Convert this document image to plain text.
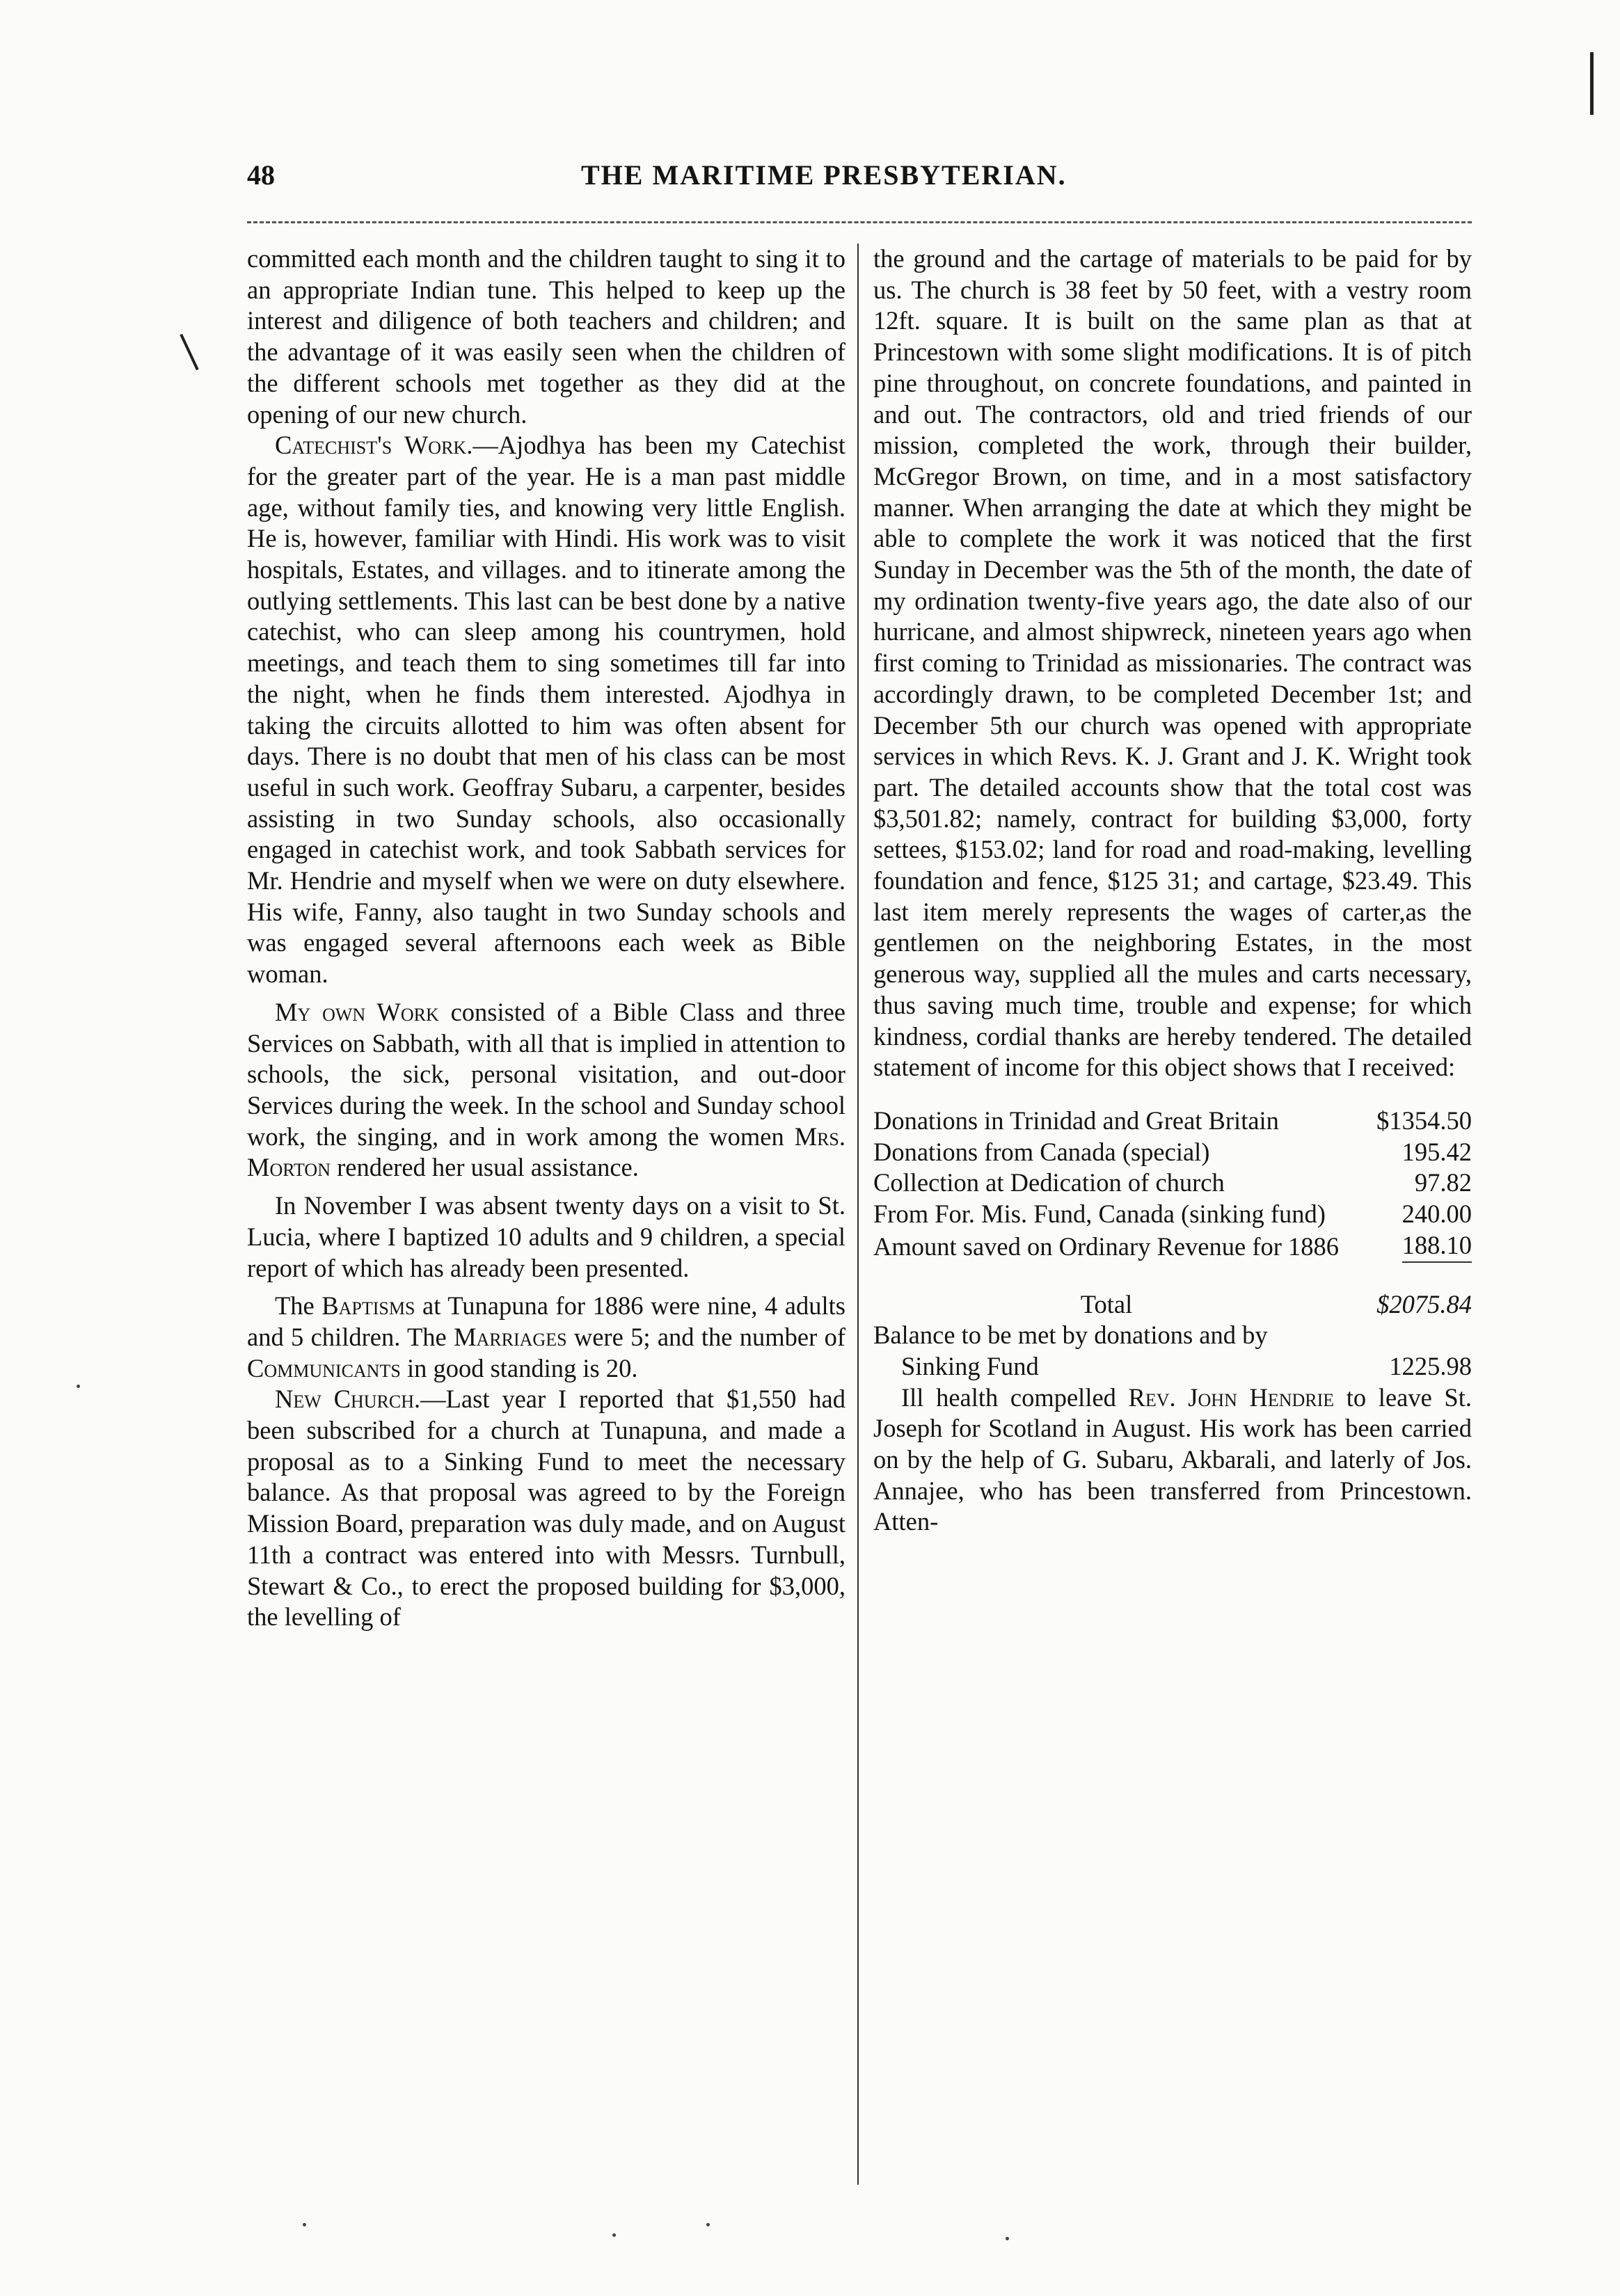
48	THE MARITIME PRESBYTERIAN.

committed each month and the children taught to sing it to an appropriate Indian tune. This helped to keep up the interest and diligence of both teachers and children; and the advantage of it was easily seen when the children of the different schools met together as they did at the opening of our new church.

Catechist's Work.—Ajodhya has been my Catechist for the greater part of the year. He is a man past middle age, without family ties, and knowing very little English. He is, however, familiar with Hindi. His work was to visit hospitals, Estates, and villages. and to itinerate among the outlying settlements. This last can be best done by a native catechist, who can sleep among his countrymen, hold meetings, and teach them to sing sometimes till far into the night, when he finds them interested. Ajodhya in taking the circuits allotted to him was often absent for days. There is no doubt that men of his class can be most useful in such work. Geoffray Subaru, a carpenter, besides assisting in two Sunday schools, also occasionally engaged in catechist work, and took Sabbath services for Mr. Hendrie and myself when we were on duty elsewhere. His wife, Fanny, also taught in two Sunday schools and was engaged several afternoons each week as Bible woman.

My own Work consisted of a Bible Class and three Services on Sabbath, with all that is implied in attention to schools, the sick, personal visitation, and out-door Services during the week. In the school and Sunday school work, the singing, and in work among the women Mrs. Morton rendered her usual assistance.

In November I was absent twenty days on a visit to St. Lucia, where I baptized 10 adults and 9 children, a special report of which has already been presented.

The Baptisms at Tunapuna for 1886 were nine, 4 adults and 5 children. The Marriages were 5; and the number of Communicants in good standing is 20.

New Church.—Last year I reported that $1,550 had been subscribed for a church at Tunapuna, and made a proposal as to a Sinking Fund to meet the necessary balance. As that proposal was agreed to by the Foreign Mission Board, preparation was duly made, and on August 11th a contract was entered into with Messrs. Turnbull, Stewart & Co., to erect the proposed building for $3,000, the levelling of

the ground and the cartage of materials to be paid for by us. The church is 38 feet by 50 feet, with a vestry room 12ft. square. It is built on the same plan as that at Princestown with some slight modifications. It is of pitch pine throughout, on concrete foundations, and painted in and out. The contractors, old and tried friends of our mission, completed the work, through their builder, McGregor Brown, on time, and in a most satisfactory manner. When arranging the date at which they might be able to complete the work it was noticed that the first Sunday in December was the 5th of the month, the date of my ordination twenty-five years ago, the date also of our hurricane, and almost shipwreck, nineteen years ago when first coming to Trinidad as missionaries. The contract was accordingly drawn, to be completed December 1st; and December 5th our church was opened with appropriate services in which Revs. K. J. Grant and J. K. Wright took part. The detailed accounts show that the total cost was $3,501.82; namely, contract for building $3,000, forty settees, $153.02; land for road and road-making, levelling foundation and fence, $125 31; and cartage, $23.49. This last item merely represents the wages of carter,as the gentlemen on the neighboring Estates, in the most generous way, supplied all the mules and carts necessary, thus saving much time, trouble and expense; for which kindness, cordial thanks are hereby tendered. The detailed statement of income for this object shows that I received:

Donations in Trinidad and Great Britain	$1354.50
Donations from Canada (special)	195.42
Collection at Dedication of church	97.82
From For. Mis. Fund, Canada (sinking fund)	240.00
Amount saved on Ordinary Revenue for 1886	188.10
Total	$2075.84
Balance to be met by donations and by Sinking Fund	1225.98

Ill health compelled Rev. John Hendrie to leave St. Joseph for Scotland in August. His work has been carried on by the help of G. Subaru, Akbarali, and laterly of Jos. Annajee, who has been transferred from Princestown. Atten-
